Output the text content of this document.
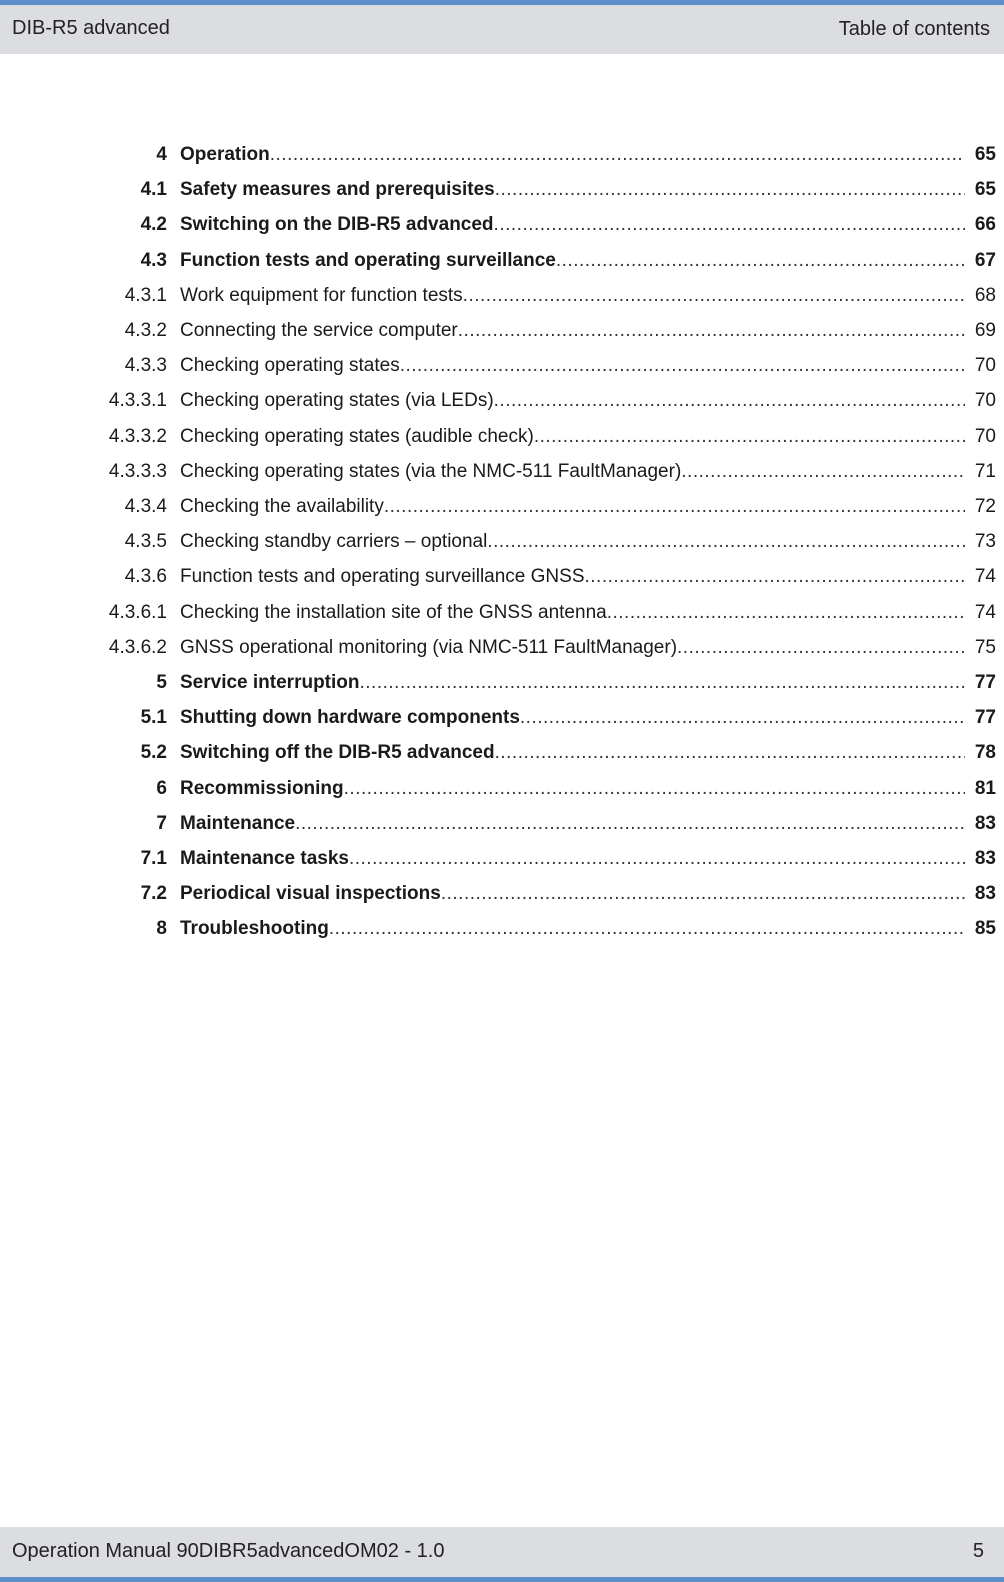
DIB-R5 advanced	Table of contents
4 Operation .....	65
4.1 Safety measures and prerequisites .....	65
4.2 Switching on the DIB-R5 advanced .....	66
4.3 Function tests and operating surveillance .....	67
4.3.1 Work equipment for function tests .....	68
4.3.2 Connecting the service computer .....	69
4.3.3 Checking operating states .....	70
4.3.3.1 Checking operating states (via LEDs) .....	70
4.3.3.2 Checking operating states (audible check) .....	70
4.3.3.3 Checking operating states (via the NMC-511 FaultManager) .....	71
4.3.4 Checking the availability .....	72
4.3.5 Checking standby carriers – optional .....	73
4.3.6 Function tests and operating surveillance GNSS .....	74
4.3.6.1 Checking the installation site of the GNSS antenna .....	74
4.3.6.2 GNSS operational monitoring (via NMC-511 FaultManager) .....	75
5 Service interruption .....	77
5.1 Shutting down hardware components .....	77
5.2 Switching off the DIB-R5 advanced .....	78
6 Recommissioning .....	81
7 Maintenance .....	83
7.1 Maintenance tasks .....	83
7.2 Periodical visual inspections .....	83
8 Troubleshooting .....	85
Operation Manual 90DIBR5advancedOM02 - 1.0	5
